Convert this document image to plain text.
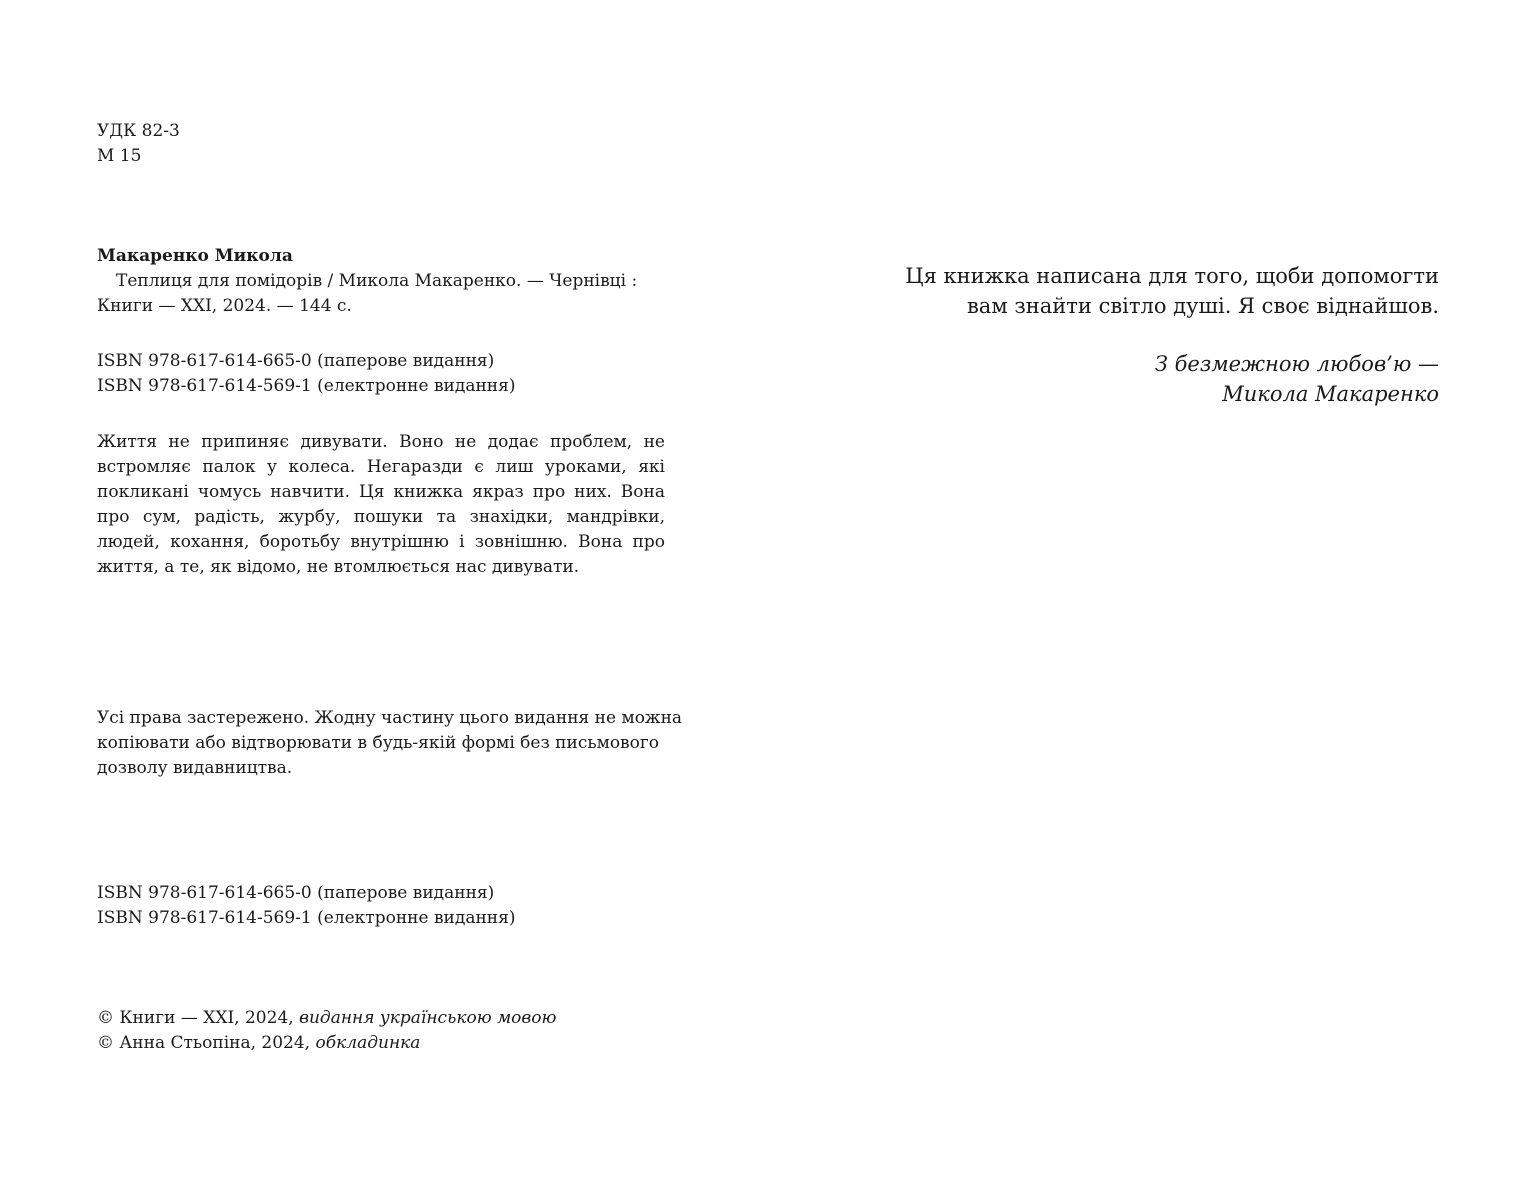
УДК 82-3
М 15
Макаренко Микола
Теплиця для помідорів / Микола Макаренко. — Чернівці :
Книги — ХХІ, 2024. — 144 с.
ISBN 978-617-614-665-0 (паперове видання)
ISBN 978-617-614-569-1 (електронне видання)
Життя не припиняє дивувати. Воно не додає проблем, не встромляє палок у колеса. Негаразди є лиш уроками, які покликані чомусь навчити. Ця книжка якраз про них. Вона про сум, радість, журбу, пошуки та знахідки, мандрівки, людей, кохання, боротьбу внутрішню і зовнішню. Вона про життя, а те, як відомо, не втомлюється нас дивувати.
Усі права застережено. Жодну частину цього видання не можна
копіювати або відтворювати в будь-якій формі без письмового
дозволу видавництва.
ISBN 978-617-614-665-0 (паперове видання)
ISBN 978-617-614-569-1 (електронне видання)
© Книги — ХХІ, 2024, видання українською мовою
© Анна Стьопіна, 2024, обкладинка
Ця книжка написана для того, щоби допомогти
вам знайти світло душі. Я своє віднайшов.
З безмежною любов’ю —
Микола Макаренко
